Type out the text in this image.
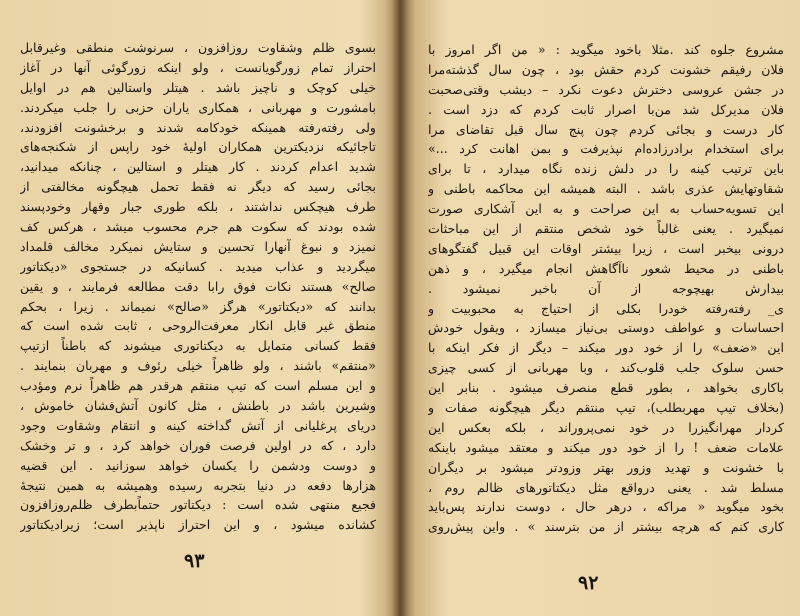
بسوی ظلم وشقاوت روزافزون ، سرنوشت منطقی وغیرقابل
احتراز تمام زورگویانست ، ولو اینکه زورگوئی آنها در آغاز
خیلی کوچک و ناچیز باشد . هیتلر واستالین هم در اوایل
بامشورت و مهربانی ، همکاری یاران حزبی را جلب میکردند.
ولی رفته‌رفته همینکه خودکامه شدند و برخشونت افزودند،
تاجائیکه نزدیکترین همکاران اولیهٔ خود راپس از شکنجه‌های
شدید اعدام کردند . کار هیتلر و استالین ، چنانکه میدانید،
بجائی رسید که دیگر نه فقط تحمل هیچگونه مخالفتی از
طرف هیچکس نداشتند ، بلکه طوری جبار وقهار وخودپسند
شده بودند که سکوت هم جرم محسوب میشد ، هرکس کف
نمیزد و نبوغ آنهارا تحسین و ستایش نمیکرد مخالف قلمداد
میگردید و عذاب میدید . کسانیکه در جستجوی «دیکتاتور
صالح» هستند نکات فوق رابا دقت مطالعه فرمایند ، و یقین
بدانند که «دیکتاتور» هرگز «صالح» نمیماند . زیرا ، بحکم
منطق غیر قابل انکار معرفت‌الروحی ، ثابت شده است که
فقط کسانی متمایل به دیکتاتوری میشوند که باطناً ازتیپ
«منتقم» باشند ، ولو ظاهراً خیلی رئوف و مهربان بنمایند .
و این مسلم است که تیپ منتقم هرقدر هم ظاهراً نرم ومؤدب
وشیرین باشد در باطنش ، مثل کانون آتش‌فشان خاموش ،
دریای پرغلیانی از آتش گداخته کینه و انتقام وشقاوت وجود
دارد ، که در اولین فرصت فوران خواهد کرد ، و تر وخشک
و دوست ودشمن را یکسان خواهد سوزانید . این قضیه
هزارها دفعه در دنیا بتجربه رسیده وهمیشه به همین نتیجهٔ
فجیع منتهی شده است : دیکتاتور حتماًبطرف ظلم‌روزافزون
کشانده میشود ، و این احتراز ناپذیر است؛ زیرادیکتاتور
۹۳
مشروع جلوه کند .مثلا باخود میگوید : « من اگر امروز با
فلان رفیقم خشونت کردم حقش بود ، چون سال گذشته‌مرا
در جشن عروسی دخترش دعوت نکرد – دیشب وقتی‌صحبت
فلان مدیرکل شد من‌با اصرار ثابت کردم که دزد است .
کار درست و بجائی کردم چون پنج سال قبل تقاضای مرا
برای استخدام برادرزاده‌ام نپذیرفت و بمن اهانت کرد ...»
باین ترتیب کینه را در دلش زنده نگاه میدارد ، تا برای
شقاوتهایش عذری باشد . البته همیشه این محاکمه باطنی و
این تسویه‌حساب به این صراحت و به این آشکاری صورت
نمیگیرد . یعنی غالباً خود شخص منتقم از این مباحثات
درونی بیخبر است ، زیرا بیشتر اوقات این قبیل گفتگوهای
باطنی در محیط شعور ناآگاهش انجام میگیرد ، و ذهن
بیدارش بهیچوجه از آن باخبر نمیشود .
ی_ رفته‌رفته خودرا بکلی از احتیاج به محبوبیت و
احساسات و عواطف دوستی بی‌نیاز میسازد ، ویقول خودش
این «ضعف» را از خود دور میکند – دیگر از فکر اینکه با
حسن سلوک جلب قلوب‌کند ، وبا مهربانی از کسی چیزی
باکاری بخواهد ، بطور قطع منصرف میشود . بنابر این
(بخلاف تیپ مهربطلب)، تیپ منتقم دیگر هیچگونه صفات و
کردار مهرانگیزرا در خود نمی‌پروراند ، بلکه بعکس این
علامات ضعف ! را از خود دور میکند و معتقد میشود باینکه
با خشونت و تهدید وزور بهتر وزودتر میشود بر دیگران
مسلط شد . یعنی درواقع مثل دیکتاتورهای ظالم روم ،
بخود میگوید « مراکه ، درهر حال ، دوست ندارند پس‌باید
کاری کنم که هرچه بیشتر از من بترسند » . واین پیش‌روی
۹۲
